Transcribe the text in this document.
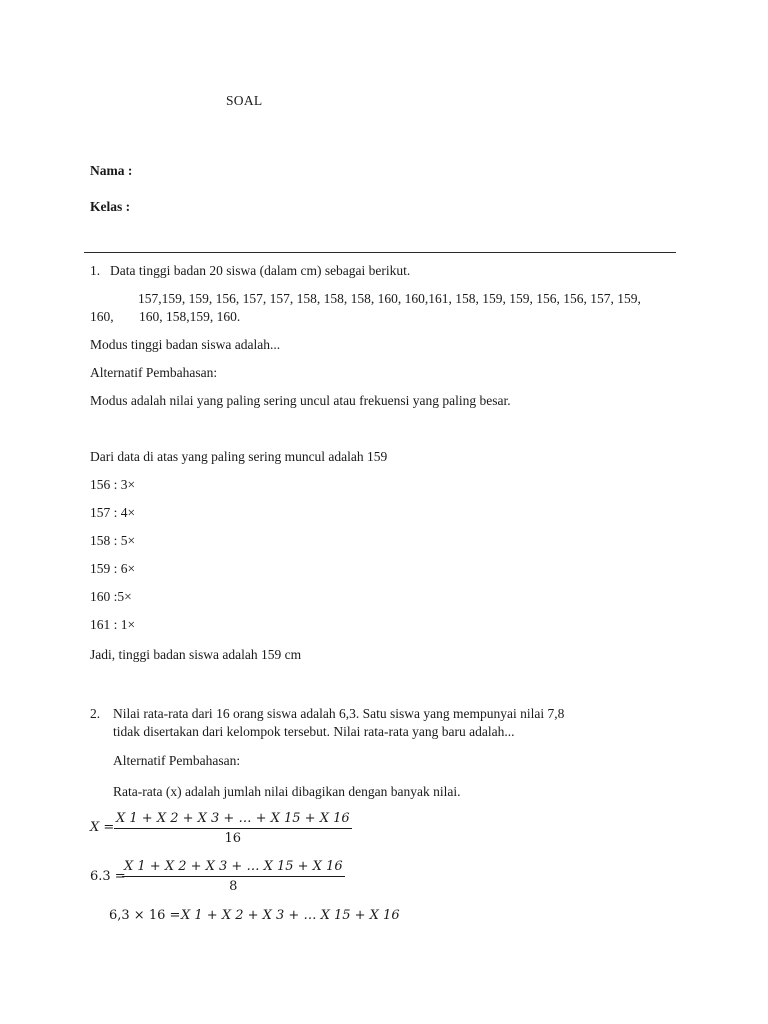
SOAL
Nama :
Kelas :
1. Data tinggi badan 20 siswa (dalam cm) sebagai berikut.
157,159, 159, 156, 157, 157, 158, 158, 158, 160, 160,161, 158, 159, 159, 156, 156, 157, 159,
160, 160, 158,159, 160.
Modus tinggi badan siswa adalah...
Alternatif Pembahasan:
Modus adalah nilai yang paling sering uncul atau frekuensi yang paling besar.
Dari data di atas yang paling sering muncul adalah 159
156 : 3×
157 : 4×
158 : 5×
159 : 6×
160 :5×
161 : 1×
Jadi, tinggi badan siswa adalah 159 cm
2. Nilai rata-rata dari 16 orang siswa adalah 6,3. Satu siswa yang mempunyai nilai 7,8
tidak disertakan dari kelompok tersebut. Nilai rata-rata yang baru adalah...
Alternatif Pembahasan:
Rata-rata (x) adalah jumlah nilai dibagikan dengan banyak nilai.
$X = \frac{X 1 + X 2 + X 3 + \dots + X 15 + X 16}{16}$
6.3 =
$\frac{X 1 + X 2 + X 3 + \dots X 15 + X 16}{8}$
6,3 × 16 = X 1 + X 2 + X 3 + … X 15 + X 16
